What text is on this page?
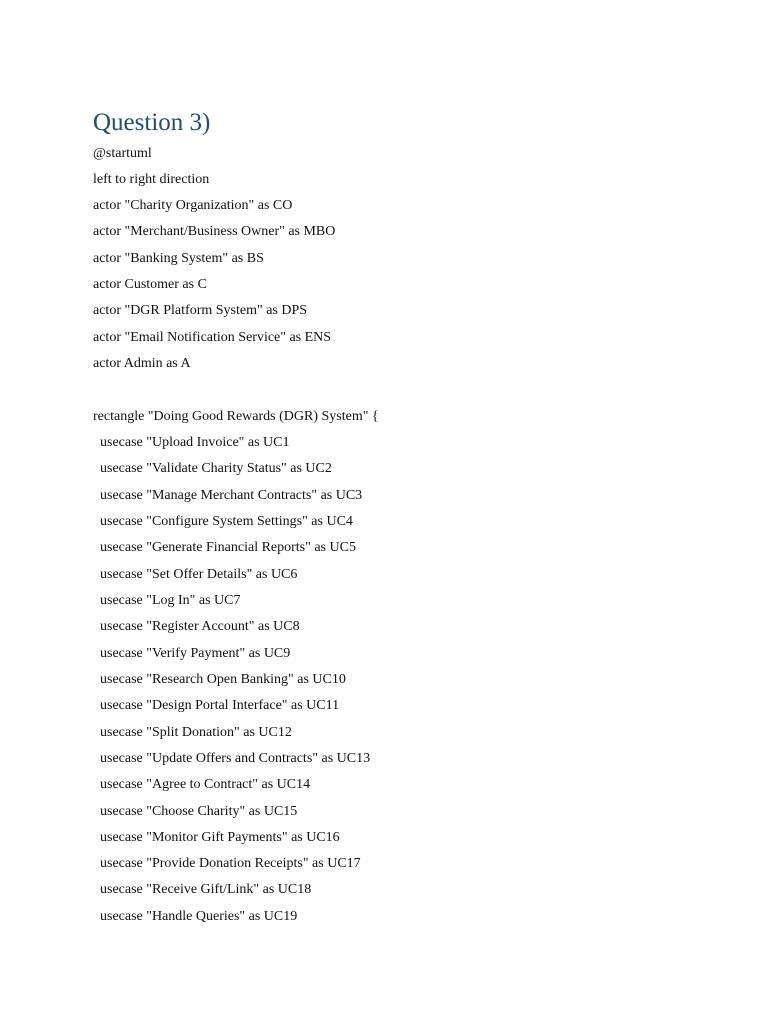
Question 3)

@startuml

left to right direction

actor "Charity Organization" as CO

actor "Merchant/Business Owner" as MBO

actor "Banking System" as BS

actor Customer as C

actor "DGR Platform System" as DPS

actor "Email Notification Service" as ENS

actor Admin as A

rectangle "Doing Good Rewards (DGR) System" {

usecase "Upload Invoice" as UC1

usecase "Validate Charity Status" as UC2

usecase "Manage Merchant Contracts" as UC3

usecase "Configure System Settings" as UC4

usecase "Generate Financial Reports" as UC5

usecase "Set Offer Details" as UC6

usecase "Log In" as UC7

usecase "Register Account" as UC8

usecase "Verify Payment" as UC9

usecase "Research Open Banking" as UC10

usecase "Design Portal Interface" as UC11

usecase "Split Donation" as UC12

usecase "Update Offers and Contracts" as UC13

usecase "Agree to Contract" as UC14

usecase "Choose Charity" as UC15

usecase "Monitor Gift Payments" as UC16

usecase "Provide Donation Receipts" as UC17

usecase "Receive Gift/Link" as UC18

usecase "Handle Queries" as UC19
